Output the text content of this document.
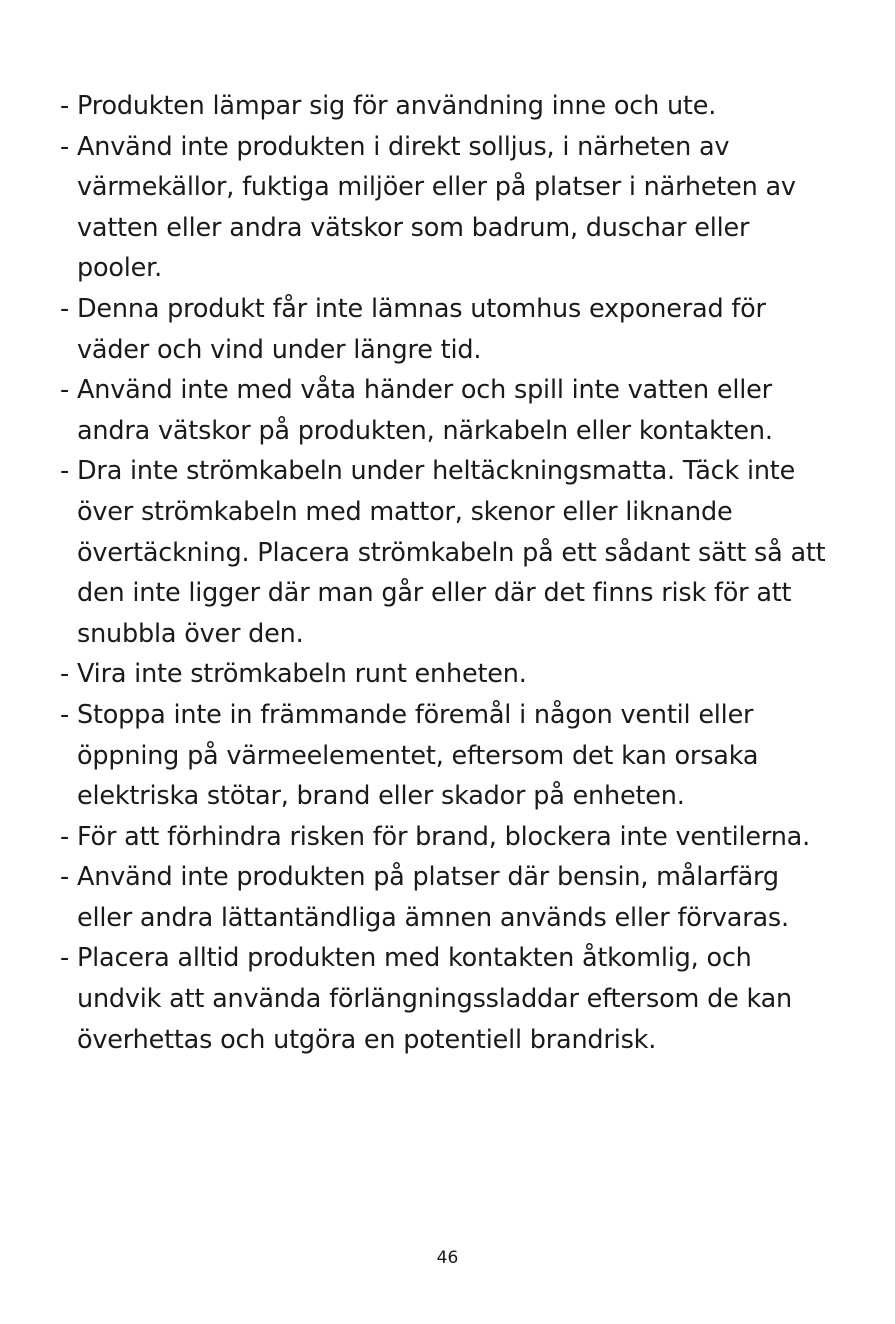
- Produkten lämpar sig för användning inne och ute.
- Använd inte produkten i direkt solljus, i närheten av värmekällor, fuktiga miljöer eller på platser i närheten av vatten eller andra vätskor som badrum, duschar eller pooler.
- Denna produkt får inte lämnas utomhus exponerad för väder och vind under längre tid.
- Använd inte med våta händer och spill inte vatten eller andra vätskor på produkten, närkabeln eller kontakten.
- Dra inte strömkabeln under heltäckningsmatta. Täck inte över strömkabeln med mattor, skenor eller liknande övertäckning. Placera strömkabeln på ett sådant sätt så att den inte ligger där man går eller där det finns risk för att snubbla över den.
- Vira inte strömkabeln runt enheten.
- Stoppa inte in främmande föremål i någon ventil eller öppning på värmeelementet, eftersom det kan orsaka elektriska stötar, brand eller skador på enheten.
- För att förhindra risken för brand, blockera inte ventilerna.
- Använd inte produkten på platser där bensin, målarfärg eller andra lättantändliga ämnen används eller förvaras.
- Placera alltid produkten med kontakten åtkomlig, och undvik att använda förlängningssladdar eftersom de kan överhettas och utgöra en potentiell brandrisk.
46
